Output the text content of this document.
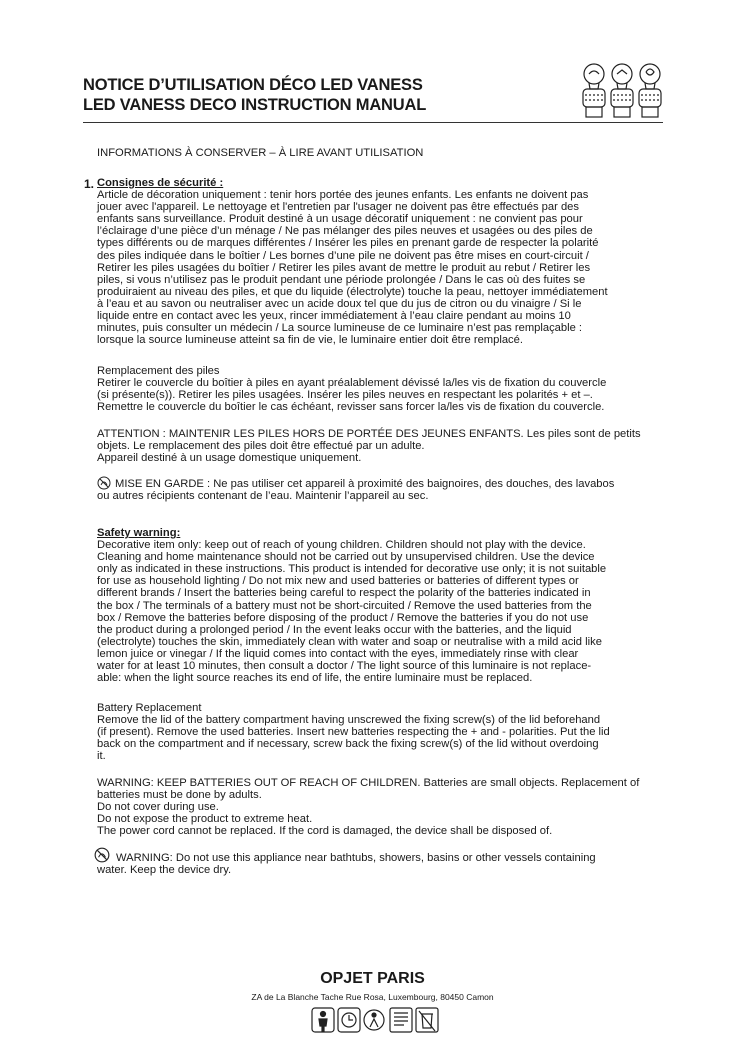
NOTICE D’UTILISATION DÉCO LED VANESS
LED VANESS DECO INSTRUCTION MANUAL
INFORMATIONS À CONSERVER – À LIRE AVANT UTILISATION
1. Consignes de sécurité :
Article de décoration uniquement : tenir hors portée des jeunes enfants. Les enfants ne doivent pas
jouer avec l'appareil. Le nettoyage et l'entretien par l'usager ne doivent pas être effectués par des
enfants sans surveillance. Produit destiné à un usage décoratif uniquement : ne convient pas pour
l’éclairage d’une pièce d’un ménage / Ne pas mélanger des piles neuves et usagées ou des piles de
types différents ou de marques différentes / Insérer les piles en prenant garde de respecter la polarité
des piles indiquée dans le boîtier / Les bornes d’une pile ne doivent pas être mises en court-circuit /
Retirer les piles usagées du boîtier / Retirer les piles avant de mettre le produit au rebut / Retirer les
piles, si vous n’utilisez pas le produit pendant une période prolongée / Dans le cas où des fuites se
produiraient au niveau des piles, et que du liquide (électrolyte) touche la peau, nettoyer immédiatement
à l’eau et au savon ou neutraliser avec un acide doux tel que du jus de citron ou du vinaigre / Si le
liquide entre en contact avec les yeux, rincer immédiatement à l’eau claire pendant au moins 10
minutes, puis consulter un médecin / La source lumineuse de ce luminaire n’est pas remplaçable :
lorsque la source lumineuse atteint sa fin de vie, le luminaire entier doit être remplacé.
Remplacement des piles
Retirer le couvercle du boîtier à piles en ayant préalablement dévissé la/les vis de fixation du couvercle
(si présente(s)). Retirer les piles usagées. Insérer les piles neuves en respectant les polarités + et –.
Remettre le couvercle du boîtier le cas échéant, revisser sans forcer la/les vis de fixation du couvercle.
ATTENTION : MAINTENIR LES PILES HORS DE PORTÉE DES JEUNES ENFANTS. Les piles sont de petits
objets. Le remplacement des piles doit être effectué par un adulte.
Appareil destiné à un usage domestique uniquement.
MISE EN GARDE : Ne pas utiliser cet appareil à proximité des baignoires, des douches, des lavabos
ou autres récipients contenant de l’eau. Maintenir l’appareil au sec.
Safety warning:
Decorative item only: keep out of reach of young children. Children should not play with the device.
Cleaning and home maintenance should not be carried out by unsupervised children. Use the device
only as indicated in these instructions. This product is intended for decorative use only; it is not suitable
for use as household lighting / Do not mix new and used batteries or batteries of different types or
different brands / Insert the batteries being careful to respect the polarity of the batteries indicated in
the box / The terminals of a battery must not be short-circuited / Remove the used batteries from the
box / Remove the batteries before disposing of the product / Remove the batteries if you do not use
the product during a prolonged period / In the event leaks occur with the batteries, and the liquid
(electrolyte) touches the skin, immediately clean with water and soap or neutralise with a mild acid like
lemon juice or vinegar / If the liquid comes into contact with the eyes, immediately rinse with clear
water for at least 10 minutes, then consult a doctor / The light source of this luminaire is not replace-
able: when the light source reaches its end of life, the entire luminaire must be replaced.
Battery Replacement
Remove the lid of the battery compartment having unscrewed the fixing screw(s) of the lid beforehand
(if present). Remove the used batteries. Insert new batteries respecting the + and - polarities. Put the lid
back on the compartment and if necessary, screw back the fixing screw(s) of the lid without overdoing
it.
WARNING: KEEP BATTERIES OUT OF REACH OF CHILDREN. Batteries are small objects. Replacement of
batteries must be done by adults.
Do not cover during use.
Do not expose the product to extreme heat.
The power cord cannot be replaced. If the cord is damaged, the device shall be disposed of.
WARNING: Do not use this appliance near bathtubs, showers, basins or other vessels containing
water. Keep the device dry.
OPJET PARIS
ZA de La Blanche Tache Rue Rosa, Luxembourg, 80450 Camon
